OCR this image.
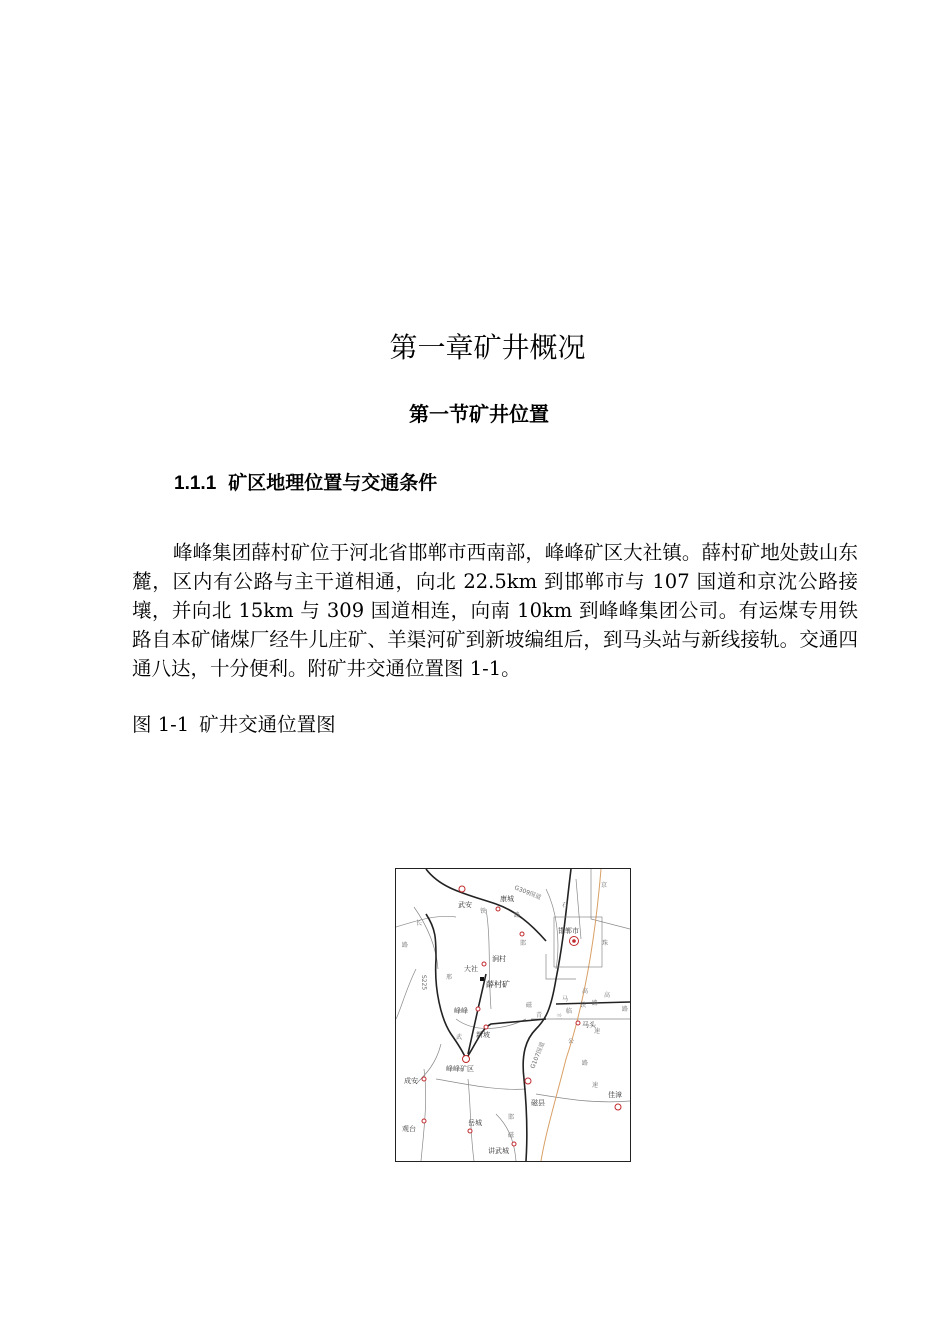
第一章矿井概况
第一节矿井位置
1.1.1 矿区地理位置与交通条件
峰峰集团薛村矿位于河北省邯郸市西南部，峰峰矿区大社镇。薛村矿地处鼓山东麓，区内有公路与主干道相通，向北 22.5km 到邯郸市与 107 国道和京沈公路接壤，并向北 15km 与 309 国道相连，向南 10km 到峰峰集团公司。有运煤专用铁路自本矿储煤厂经牛儿庄矿、羊渠河矿到新坡编组后，到马头站与新线接轨。交通四通八达，十分便利。附矿井交通位置图 1-1。
图 1-1 矿井交通位置图
武安
康城
邯郸市
大社
涧村
薛村矿
峰峰
新坡
马头
峰峰矿区
磁县
成安
岳城
讲武城
观台
佳漳
G309国道
S225
G107国道
铁
路
长
邯
邢
路
磁
武
青 兰
高
速
公
路
京
珠
高
速
马
临
铁 路
邯
磁
路
石
